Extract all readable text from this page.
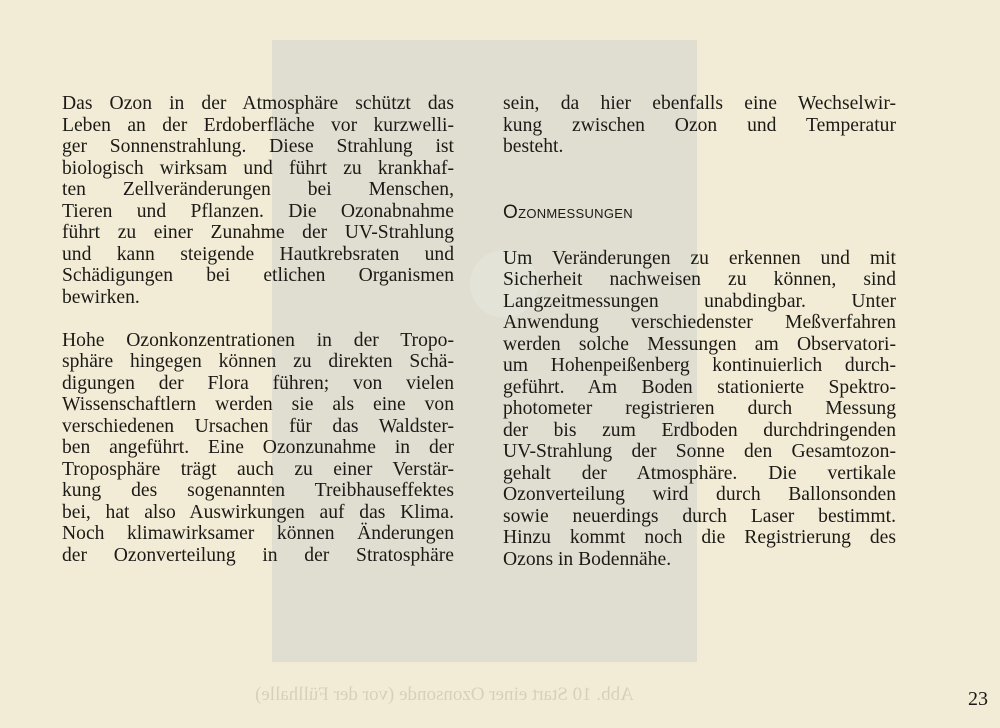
Das Ozon in der Atmosphäre schützt das
Leben an der Erdoberfläche vor kurzwelli-
ger Sonnenstrahlung. Diese Strahlung ist
biologisch wirksam und führt zu krankhaf-
ten Zellveränderungen bei Menschen,
Tieren und Pflanzen. Die Ozonabnahme
führt zu einer Zunahme der UV-Strahlung
und kann steigende Hautkrebsraten und
Schädigungen bei etlichen Organismen
bewirken.

Hohe Ozonkonzentrationen in der Tropo-
sphäre hingegen können zu direkten Schä-
digungen der Flora führen; von vielen
Wissenschaftlern werden sie als eine von
verschiedenen Ursachen für das Waldster-
ben angeführt. Eine Ozonzunahme in der
Troposphäre trägt auch zu einer Verstär-
kung des sogenannten Treibhauseffektes
bei, hat also Auswirkungen auf das Klima.
Noch klimawirksamer können Änderungen
der Ozonverteilung in der Stratosphäre

sein, da hier ebenfalls eine Wechselwir-
kung zwischen Ozon und Temperatur
besteht.

Ozonmessungen

Um Veränderungen zu erkennen und mit
Sicherheit nachweisen zu können, sind
Langzeitmessungen unabdingbar. Unter
Anwendung verschiedenster Meßverfahren
werden solche Messungen am Observatori-
um Hohenpeißenberg kontinuierlich durch-
geführt. Am Boden stationierte Spektro-
photometer registrieren durch Messung
der bis zum Erdboden durchdringenden
UV-Strahlung der Sonne den Gesamtozon-
gehalt der Atmosphäre. Die vertikale
Ozonverteilung wird durch Ballonsonden
sowie neuerdings durch Laser bestimmt.
Hinzu kommt noch die Registrierung des
Ozons in Bodennähe.

Abb. 10 Start einer Ozonsonde (vor der Füllhalle)	23
